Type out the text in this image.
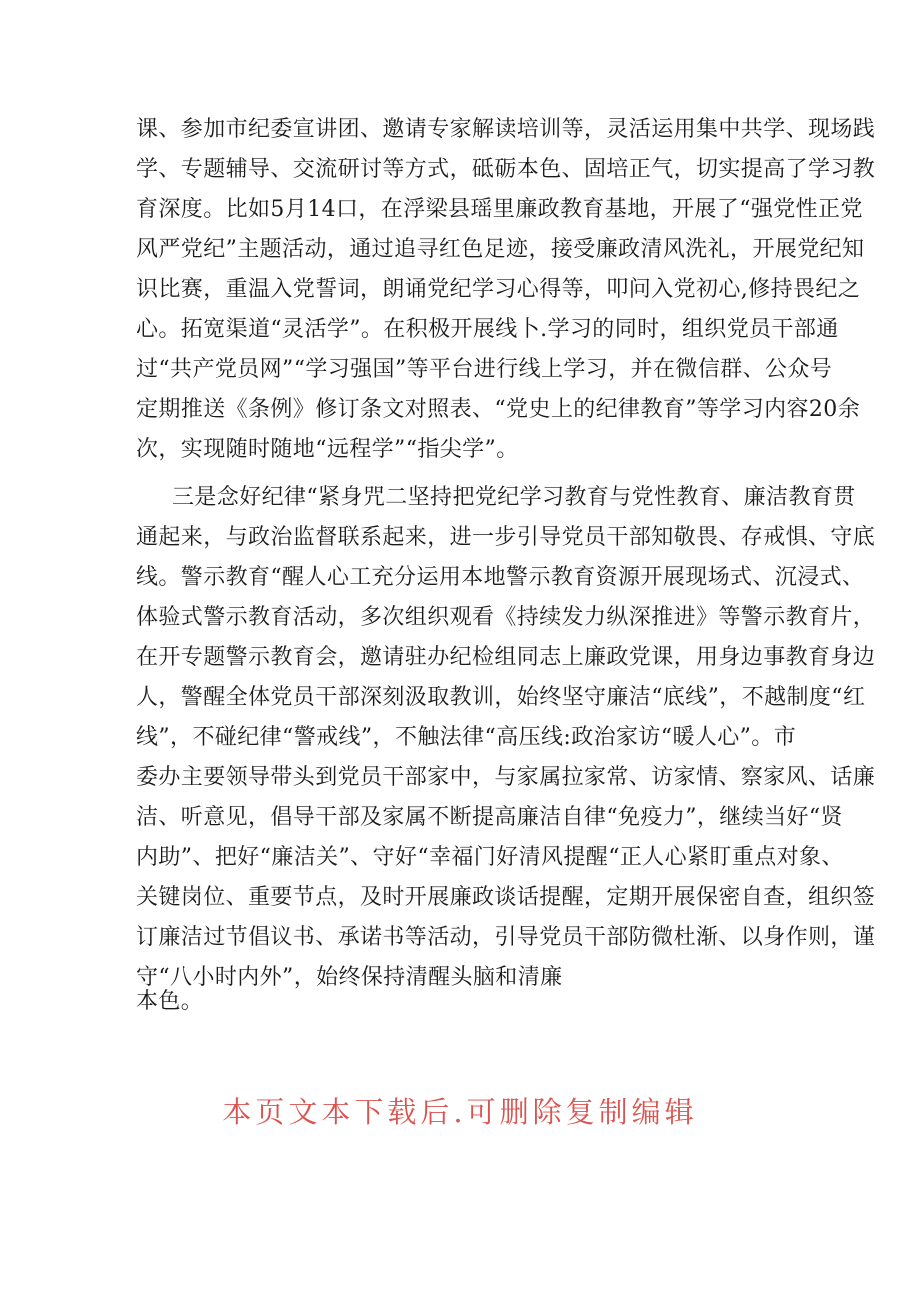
课、参加市纪委宣讲团、邀请专家解读培训等，灵活运用集中共学、现场践
学、专题辅导、交流研讨等方式，砥砺本色、固培正气，切实提高了学习教
育深度。比如5月14口，在浮梁县瑶里廉政教育基地，开展了“强党性正党
风严党纪”主题活动，通过追寻红色足迹，接受廉政清风洗礼，开展党纪知
识比赛，重温入党誓词，朗诵党纪学习心得等，叩问入党初心,修持畏纪之
心。拓宽渠道“灵活学”。在积极开展线卜.学习的同时，组织党员干部通
过“共产党员网”“学习强国”等平台进行线上学习，并在微信群、公众号
定期推送《条例》修订条文对照表、“党史上的纪律教育”等学习内容20余
次，实现随时随地“远程学”“指尖学”。
三是念好纪律“紧身咒二坚持把党纪学习教育与党性教育、廉洁教育贯
通起来，与政治监督联系起来，进一步引导党员干部知敬畏、存戒惧、守底
线。警示教育“醒人心工充分运用本地警示教育资源开展现场式、沉浸式、
体验式警示教育活动，多次组织观看《持续发力纵深推进》等警示教育片，
在开专题警示教育会，邀请驻办纪检组同志上廉政党课，用身边事教育身边
人，警醒全体党员干部深刻汲取教训，始终坚守廉洁“底线”，不越制度“红
线”，不碰纪律“警戒线”，不触法律“高压线:政治家访“暖人心”。市
委办主要领导带头到党员干部家中，与家属拉家常、访家情、察家风、话廉
洁、听意见，倡导干部及家属不断提高廉洁自律“免疫力”，继续当好“贤
内助”、把好“廉洁关”、守好“幸福门好清风提醒“正人心紧盯重点对象、
关键岗位、重要节点，及时开展廉政谈话提醒，定期开展保密自查，组织签
订廉洁过节倡议书、承诺书等活动，引导党员干部防微杜渐、以身作则，谨
守“八小时内外”，始终保持清醒头脑和清廉
本色。
本页文本下载后.可删除复制编辑
